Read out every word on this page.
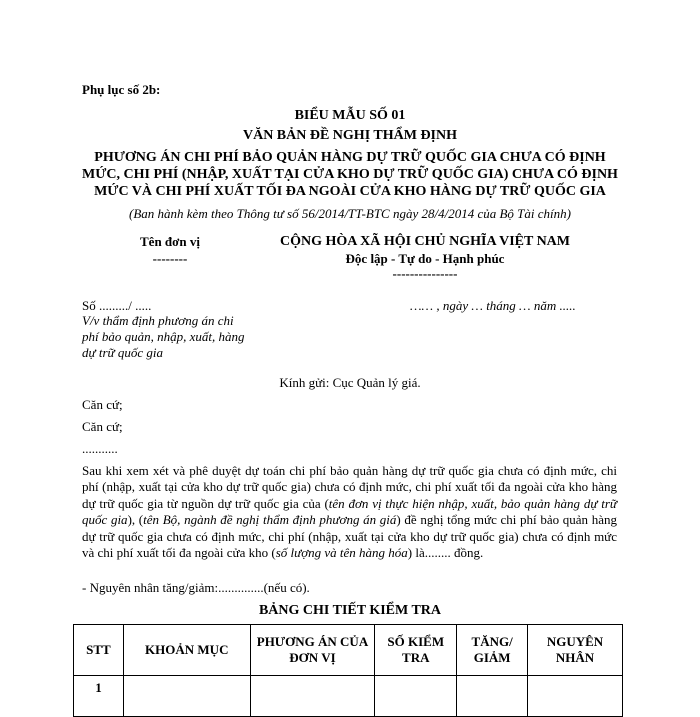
Phụ lục số 2b:
BIỂU MẪU SỐ 01
VĂN BẢN ĐỀ NGHỊ THẨM ĐỊNH
PHƯƠNG ÁN CHI PHÍ BẢO QUẢN HÀNG DỰ TRỮ QUỐC GIA CHƯA CÓ ĐỊNH
MỨC, CHI PHÍ (NHẬP, XUẤT TẠI CỬA KHO DỰ TRỮ QUỐC GIA) CHƯA CÓ ĐỊNH
MỨC VÀ CHI PHÍ XUẤT TỐI ĐA NGOÀI CỬA KHO HÀNG DỰ TRỮ QUỐC GIA
(Ban hành kèm theo Thông tư số 56/2014/TT-BTC ngày 28/4/2014 của Bộ Tài chính)
Tên đơn vị
--------
CỘNG HÒA XÃ HỘI CHỦ NGHĨA VIỆT NAM
Độc lập - Tự do - Hạnh phúc
---------------
Số ........./ .....	…… , ngày … tháng … năm .....
V/v thẩm định phương án chi
phí bảo quản, nhập, xuất, hàng
dự trữ quốc gia
Kính gửi: Cục Quản lý giá.
Căn cứ;
Căn cứ;
...........
Sau khi xem xét và phê duyệt dự toán chi phí bảo quản hàng dự trữ quốc gia chưa có định mức, chi phí (nhập, xuất tại cửa kho dự trữ quốc gia) chưa có định mức, chi phí xuất tối đa ngoài cửa kho hàng dự trữ quốc gia từ nguồn dự trữ quốc gia của (tên đơn vị thực hiện nhập, xuất, bảo quản hàng dự trữ quốc gia), (tên Bộ, ngành đề nghị thẩm định phương án giá) đề nghị tổng mức chi phí bảo quản hàng dự trữ quốc gia chưa có định mức, chi phí (nhập, xuất tại cửa kho dự trữ quốc gia) chưa có định mức và chi phí xuất tối đa ngoài cửa kho (số lượng và tên hàng hóa) là........ đồng.
- Nguyên nhân tăng/giảm:..............(nếu có).
BẢNG CHI TIẾT KIỂM TRA
STT	KHOẢN MỤC	PHƯƠNG ÁN CỦA ĐƠN VỊ	SỐ KIỂM TRA	TĂNG/ GIẢM	NGUYÊN NHÂN
1					
